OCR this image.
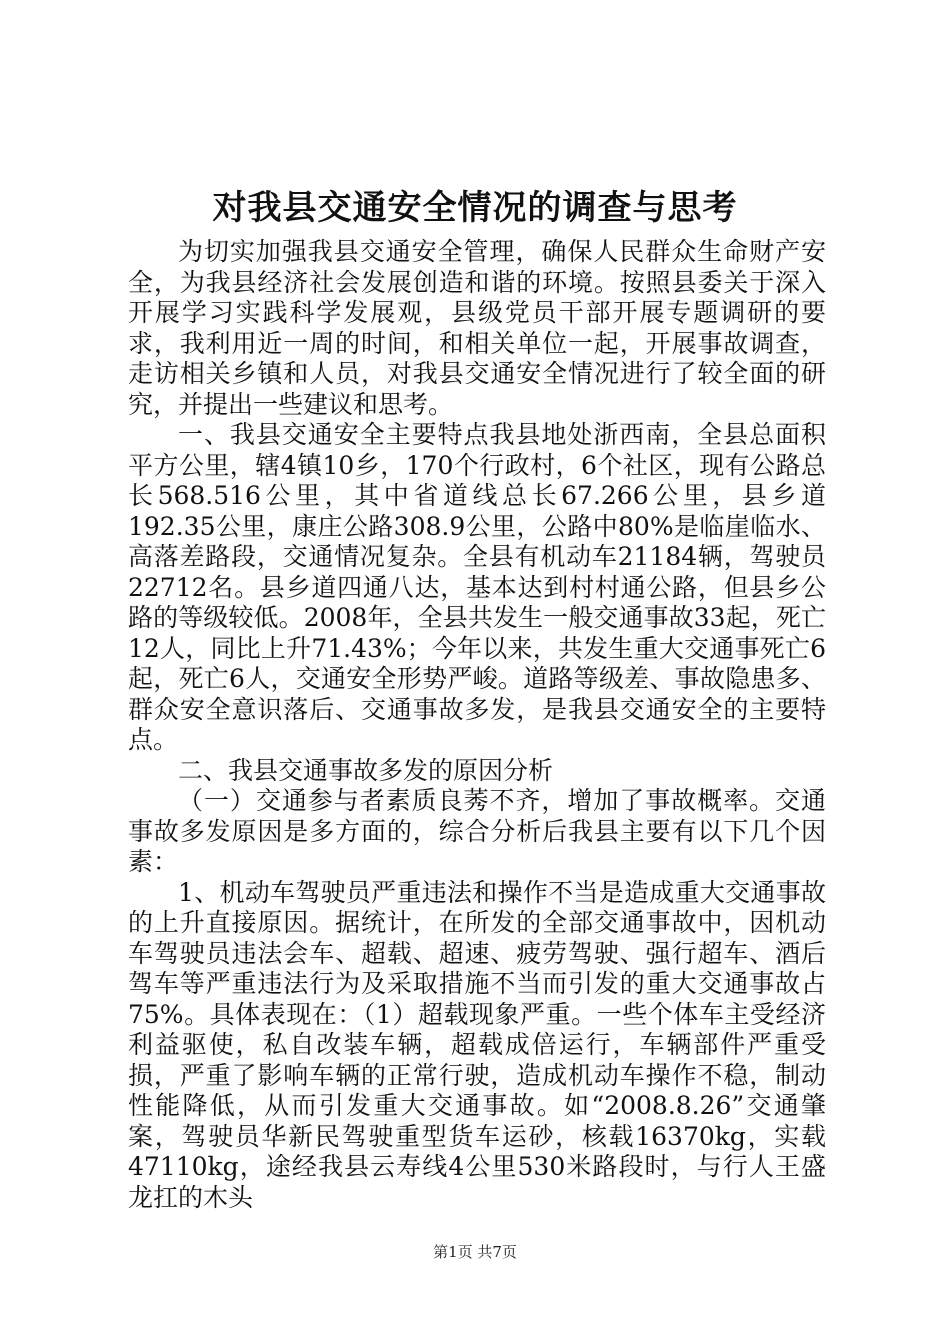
对我县交通安全情况的调查与思考

为切实加强我县交通安全管理，确保人民群众生命财产安全，为我县经济社会发展创造和谐的环境。按照县委关于深入开展学习实践科学发展观，县级党员干部开展专题调研的要求，我利用近一周的时间，和相关单位一起，开展事故调查，走访相关乡镇和人员，对我县交通安全情况进行了较全面的研究，并提出一些建议和思考。

一、我县交通安全主要特点我县地处浙西南，全县总面积平方公里，辖4镇10乡，170个行政村，6个社区，现有公路总长568.516公里，其中省道线总长67.266公里，县乡道192.35公里，康庄公路308.9公里，公路中80%是临崖临水、高落差路段，交通情况复杂。全县有机动车21184辆，驾驶员22712名。县乡道四通八达，基本达到村村通公路，但县乡公路的等级较低。2008年，全县共发生一般交通事故33起，死亡12人，同比上升71.43%；今年以来，共发生重大交通事死亡6起，死亡6人，交通安全形势严峻。道路等级差、事故隐患多、群众安全意识落后、交通事故多发，是我县交通安全的主要特点。

二、我县交通事故多发的原因分析

（一）交通参与者素质良莠不齐，增加了事故概率。交通事故多发原因是多方面的，综合分析后我县主要有以下几个因素：

1、机动车驾驶员严重违法和操作不当是造成重大交通事故的上升直接原因。据统计，在所发的全部交通事故中，因机动车驾驶员违法会车、超载、超速、疲劳驾驶、强行超车、酒后驾车等严重违法行为及采取措施不当而引发的重大交通事故占75%。具体表现在：（1）超载现象严重。一些个体车主受经济利益驱使，私自改装车辆，超载成倍运行，车辆部件严重受损，严重了影响车辆的正常行驶，造成机动车操作不稳，制动性能降低，从而引发重大交通事故。如“2008.8.26”交通肇案，驾驶员华新民驾驶重型货车运砂，核载16370kg，实载47110kg，途经我县云寿线4公里530米路段时，与行人王盛龙扛的木头

第1页 共7页
